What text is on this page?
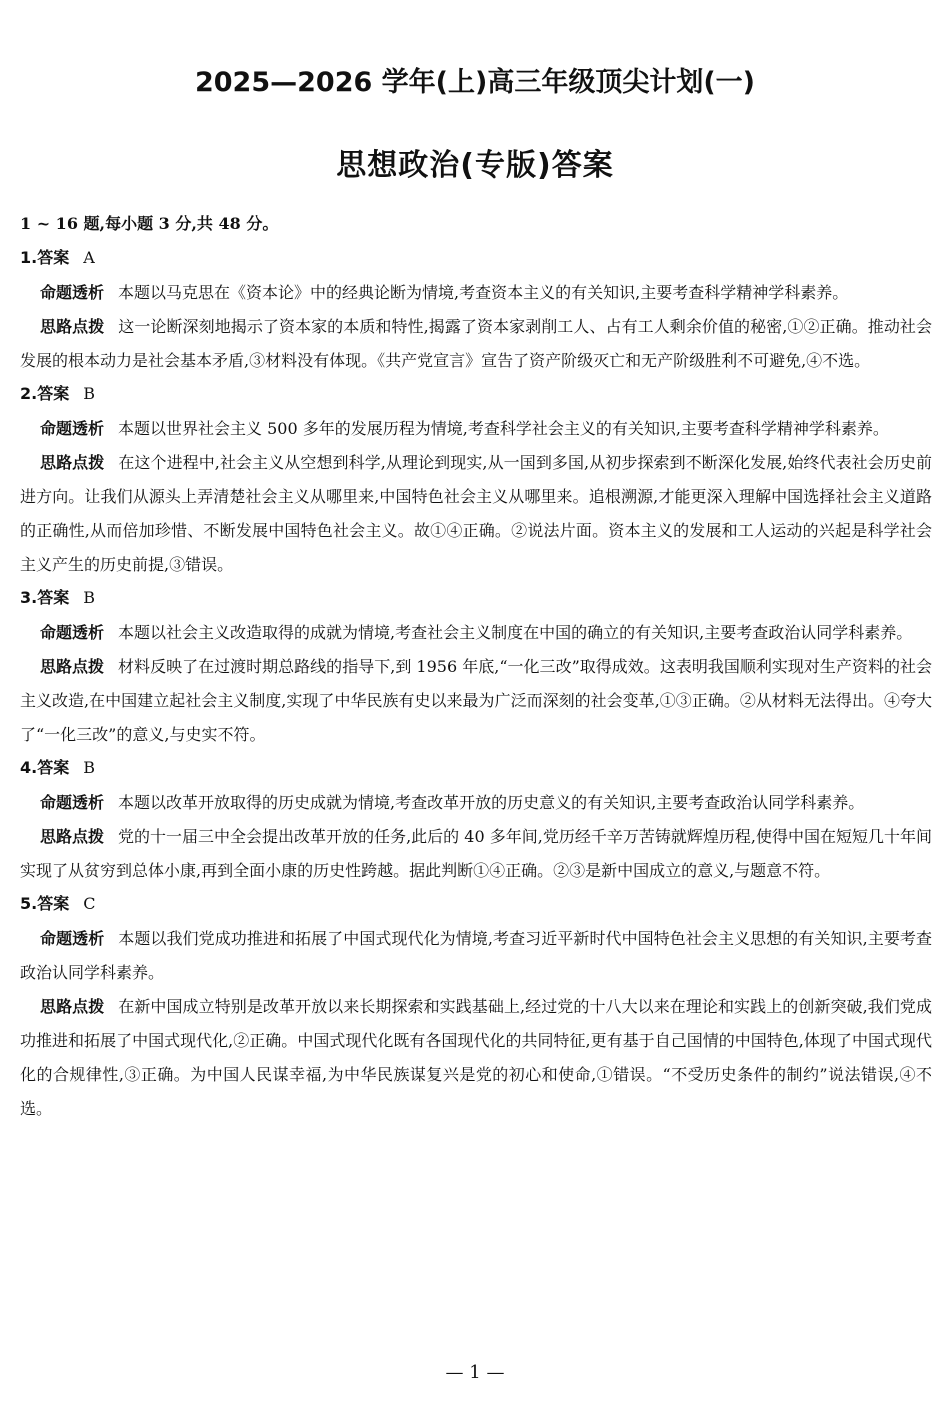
2025—2026 学年(上)高三年级顶尖计划(一)
思想政治(专版)答案
1 ~ 16 题,每小题 3 分,共 48 分。
1.答案 A

命题透析 本题以马克思在《资本论》中的经典论断为情境,考查资本主义的有关知识,主要考查科学精神学科素养。

思路点拨 这一论断深刻地揭示了资本家的本质和特性,揭露了资本家剥削工人、占有工人剩余价值的秘密,①②正确。推动社会发展的根本动力是社会基本矛盾,③材料没有体现。《共产党宣言》宣告了资产阶级灭亡和无产阶级胜利不可避免,④不选。

2.答案 B

命题透析 本题以世界社会主义 500 多年的发展历程为情境,考查科学社会主义的有关知识,主要考查科学精神学科素养。

思路点拨 在这个进程中,社会主义从空想到科学,从理论到现实,从一国到多国,从初步探索到不断深化发展,始终代表社会历史前进方向。让我们从源头上弄清楚社会主义从哪里来,中国特色社会主义从哪里来。追根溯源,才能更深入理解中国选择社会主义道路的正确性,从而倍加珍惜、不断发展中国特色社会主义。故①④正确。②说法片面。资本主义的发展和工人运动的兴起是科学社会主义产生的历史前提,③错误。

3.答案 B

命题透析 本题以社会主义改造取得的成就为情境,考查社会主义制度在中国的确立的有关知识,主要考查政治认同学科素养。

思路点拨 材料反映了在过渡时期总路线的指导下,到 1956 年底,“一化三改”取得成效。这表明我国顺利实现对生产资料的社会主义改造,在中国建立起社会主义制度,实现了中华民族有史以来最为广泛而深刻的社会变革,①③正确。②从材料无法得出。④夸大了“一化三改”的意义,与史实不符。

4.答案 B

命题透析 本题以改革开放取得的历史成就为情境,考查改革开放的历史意义的有关知识,主要考查政治认同学科素养。

思路点拨 党的十一届三中全会提出改革开放的任务,此后的 40 多年间,党历经千辛万苦铸就辉煌历程,使得中国在短短几十年间实现了从贫穷到总体小康,再到全面小康的历史性跨越。据此判断①④正确。②③是新中国成立的意义,与题意不符。

5.答案 C

命题透析 本题以我们党成功推进和拓展了中国式现代化为情境,考查习近平新时代中国特色社会主义思想的有关知识,主要考查政治认同学科素养。

思路点拨 在新中国成立特别是改革开放以来长期探索和实践基础上,经过党的十八大以来在理论和实践上的创新突破,我们党成功推进和拓展了中国式现代化,②正确。中国式现代化既有各国现代化的共同特征,更有基于自己国情的中国特色,体现了中国式现代化的合规律性,③正确。为中国人民谋幸福,为中华民族谋复兴是党的初心和使命,①错误。“不受历史条件的制约”说法错误,④不选。

— 1 —
